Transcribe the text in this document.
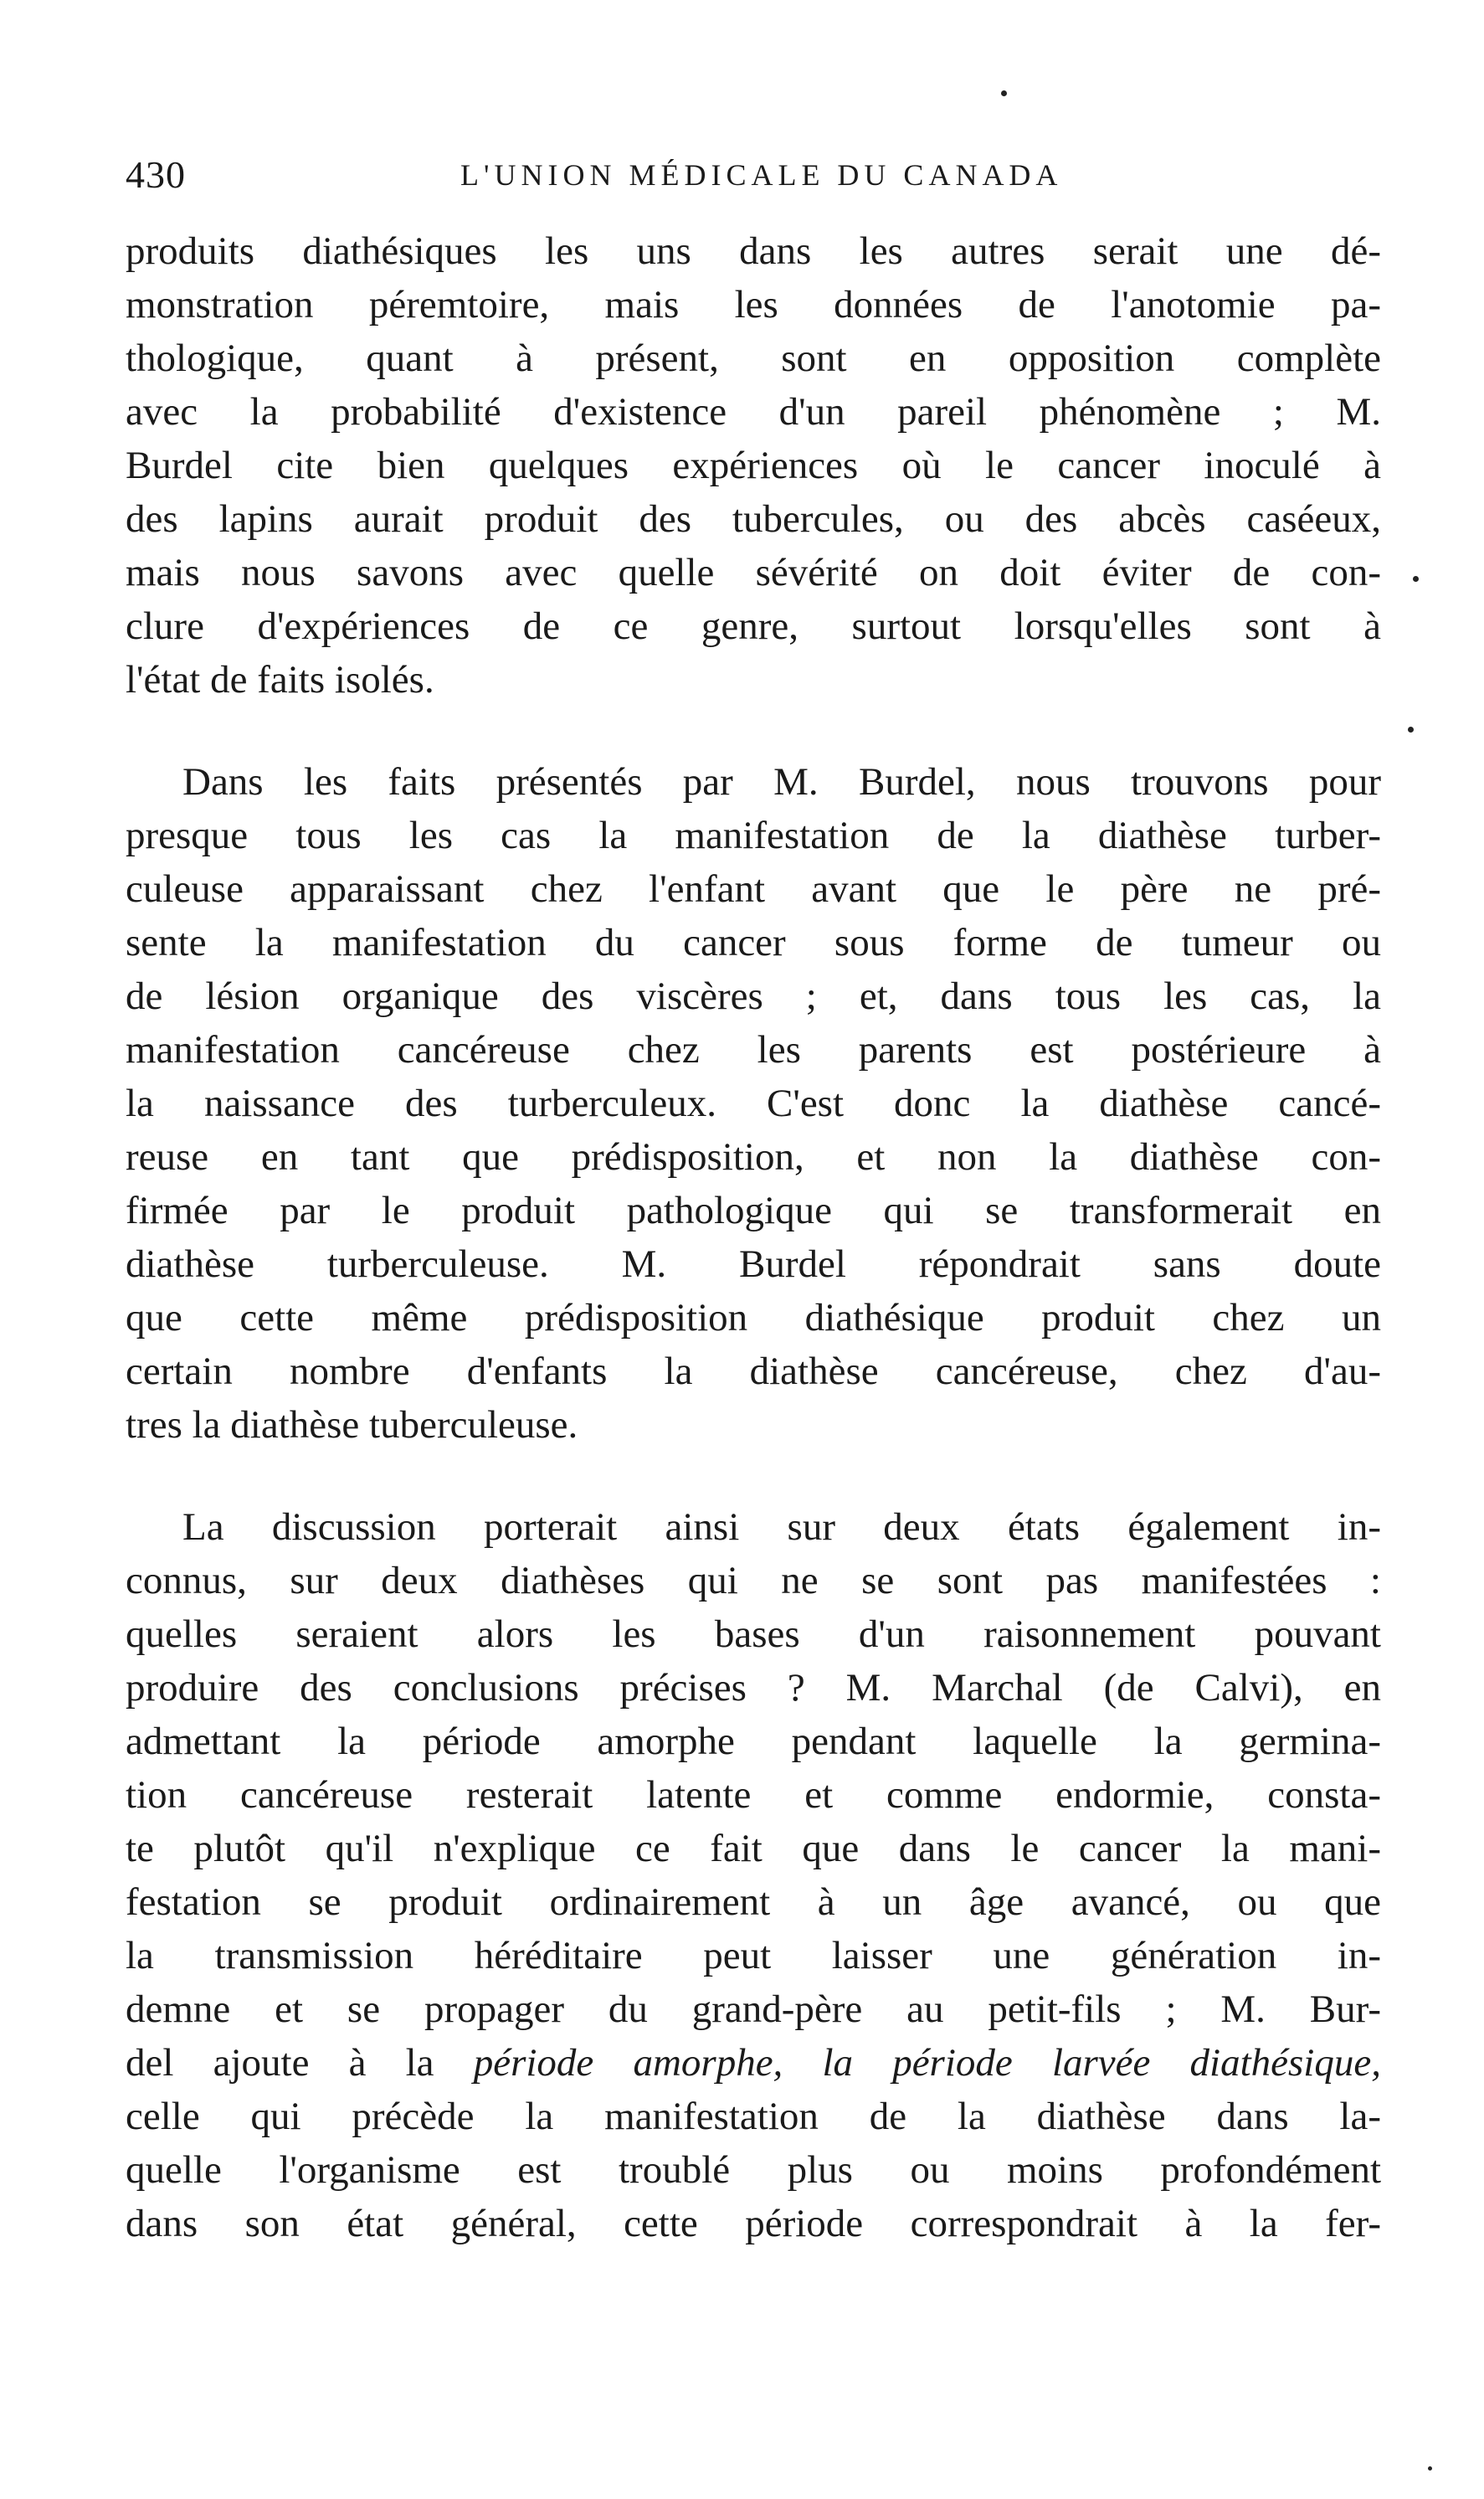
430	L'UNION MÉDICALE DU CANADA
produits diathésiques les uns dans les autres serait une dé-
monstration péremtoire, mais les données de l'anotomie pa-
thologique, quant à présent, sont en opposition complète
avec la probabilité d'existence d'un pareil phénomène ; M.
Burdel cite bien quelques expériences où le cancer inoculé à
des lapins aurait produit des tubercules, ou des abcès caséeux,
mais nous savons avec quelle sévérité on doit éviter de con-
clure d'expériences de ce genre, surtout lorsqu'elles sont à
l'état de faits isolés.
Dans les faits présentés par M. Burdel, nous trouvons pour
presque tous les cas la manifestation de la diathèse turber-
culeuse apparaissant chez l'enfant avant que le père ne pré-
sente la manifestation du cancer sous forme de tumeur ou
de lésion organique des viscères ; et, dans tous les cas, la
manifestation cancéreuse chez les parents est postérieure à
la naissance des turberculeux. C'est donc la diathèse cancé-
reuse en tant que prédisposition, et non la diathèse con-
firmée par le produit pathologique qui se transformerait en
diathèse turberculeuse. M. Burdel répondrait sans doute
que cette même prédisposition diathésique produit chez un
certain nombre d'enfants la diathèse cancéreuse, chez d'au-
tres la diathèse tuberculeuse.
La discussion porterait ainsi sur deux états également in-
connus, sur deux diathèses qui ne se sont pas manifestées :
quelles seraient alors les bases d'un raisonnement pouvant
produire des conclusions précises ? M. Marchal (de Calvi), en
admettant la période amorphe pendant laquelle la germina-
tion cancéreuse resterait latente et comme endormie, consta-
te plutôt qu'il n'explique ce fait que dans le cancer la mani-
festation se produit ordinairement à un âge avancé, ou que
la transmission héréditaire peut laisser une génération in-
demne et se propager du grand-père au petit-fils ; M. Bur-
del ajoute à la période amorphe, la période larvée diathésique,
celle qui précède la manifestation de la diathèse dans la-
quelle l'organisme est troublé plus ou moins profondément
dans son état général, cette période correspondrait à la fer-
